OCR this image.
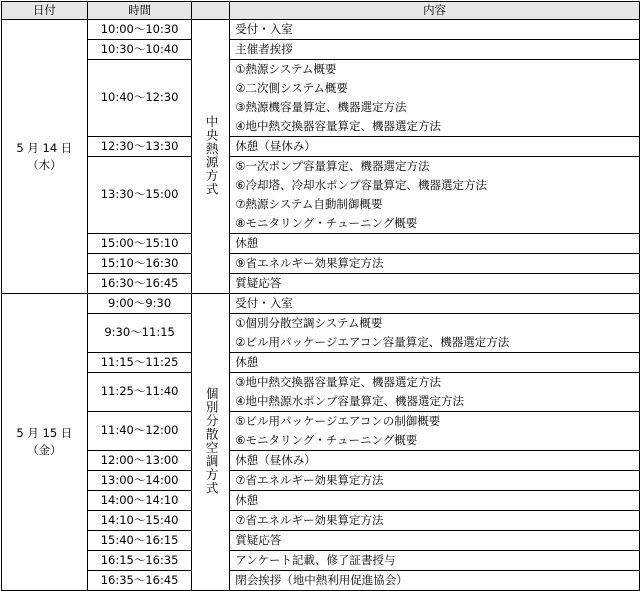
日付	時間		内容

5 月 14 日
（木）	10:00～10:30	中央熱源方式	受付・入室

	10:30～10:40		主催者挨拶

	10:40～12:30		①熱源システム概要
②二次側システム概要
③熱源機容量算定、機器選定方法
④地中熱交換器容量算定、機器選定方法

	12:30～13:30		休憩（昼休み）

	13:30～15:00		⑤一次ポンプ容量算定、機器選定方法
⑥冷却塔、冷却水ポンプ容量算定、機器選定方法
⑦熱源システム自動制御概要
⑧モニタリング・チューニング概要

	15:00～15:10		休憩

	15:10～16:30		⑨省エネルギー効果算定方法

	16:30～16:45		質疑応答

5 月 15 日
（金）	9:00～9:30	個別分散空調方式	受付・入室

	9:30～11:15		①個別分散空調システム概要
②ビル用パッケージエアコン容量算定、機器選定方法

	11:15～11:25		休憩

	11:25～11:40		③地中熱交換器容量算定、機器選定方法
④地中熱源水ポンプ容量算定、機器選定方法

	11:40～12:00		⑤ビル用パッケージエアコンの制御概要
⑥モニタリング・チューニング概要

	12:00～13:00		休憩（昼休み）

	13:00～14:00		⑦省エネルギー効果算定方法

	14:00～14:10		休憩

	14:10～15:40		⑦省エネルギー効果算定方法

	15:40～16:15		質疑応答

	16:15～16:35		アンケート記載、修了証書授与

	16:35～16:45		閉会挨拶（地中熱利用促進協会）
